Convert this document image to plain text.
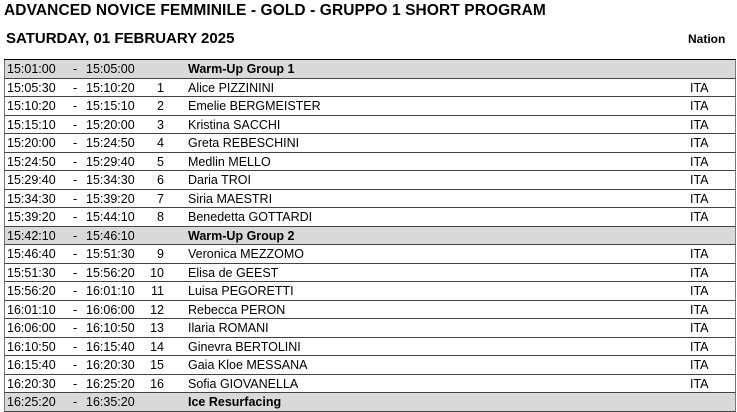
ADVANCED NOVICE FEMMINILE - GOLD - GRUPPO 1 SHORT PROGRAM
SATURDAY, 01 FEBRUARY 2025	Nation
15:01:00 - 15:05:00	Warm-Up Group 1
15:05:30 - 15:10:20	1 Alice PIZZININI	ITA
15:10:20 - 15:15:10	2 Emelie BERGMEISTER	ITA
15:15:10 - 15:20:00	3 Kristina SACCHI	ITA
15:20:00 - 15:24:50	4 Greta REBESCHINI	ITA
15:24:50 - 15:29:40	5 Medlin MELLO	ITA
15:29:40 - 15:34:30	6 Daria TROI	ITA
15:34:30 - 15:39:20	7 Siria MAESTRI	ITA
15:39:20 - 15:44:10	8 Benedetta GOTTARDI	ITA
15:42:10 - 15:46:10	Warm-Up Group 2
15:46:40 - 15:51:30	9 Veronica MEZZOMO	ITA
15:51:30 - 15:56:20	10 Elisa de GEEST	ITA
15:56:20 - 16:01:10	11 Luisa PEGORETTI	ITA
16:01:10 - 16:06:00	12 Rebecca PERON	ITA
16:06:00 - 16:10:50	13 Ilaria ROMANI	ITA
16:10:50 - 16:15:40	14 Ginevra BERTOLINI	ITA
16:15:40 - 16:20:30	15 Gaia Kloe MESSANA	ITA
16:20:30 - 16:25:20	16 Sofia GIOVANELLA	ITA
16:25:20 - 16:35:20	Ice Resurfacing
